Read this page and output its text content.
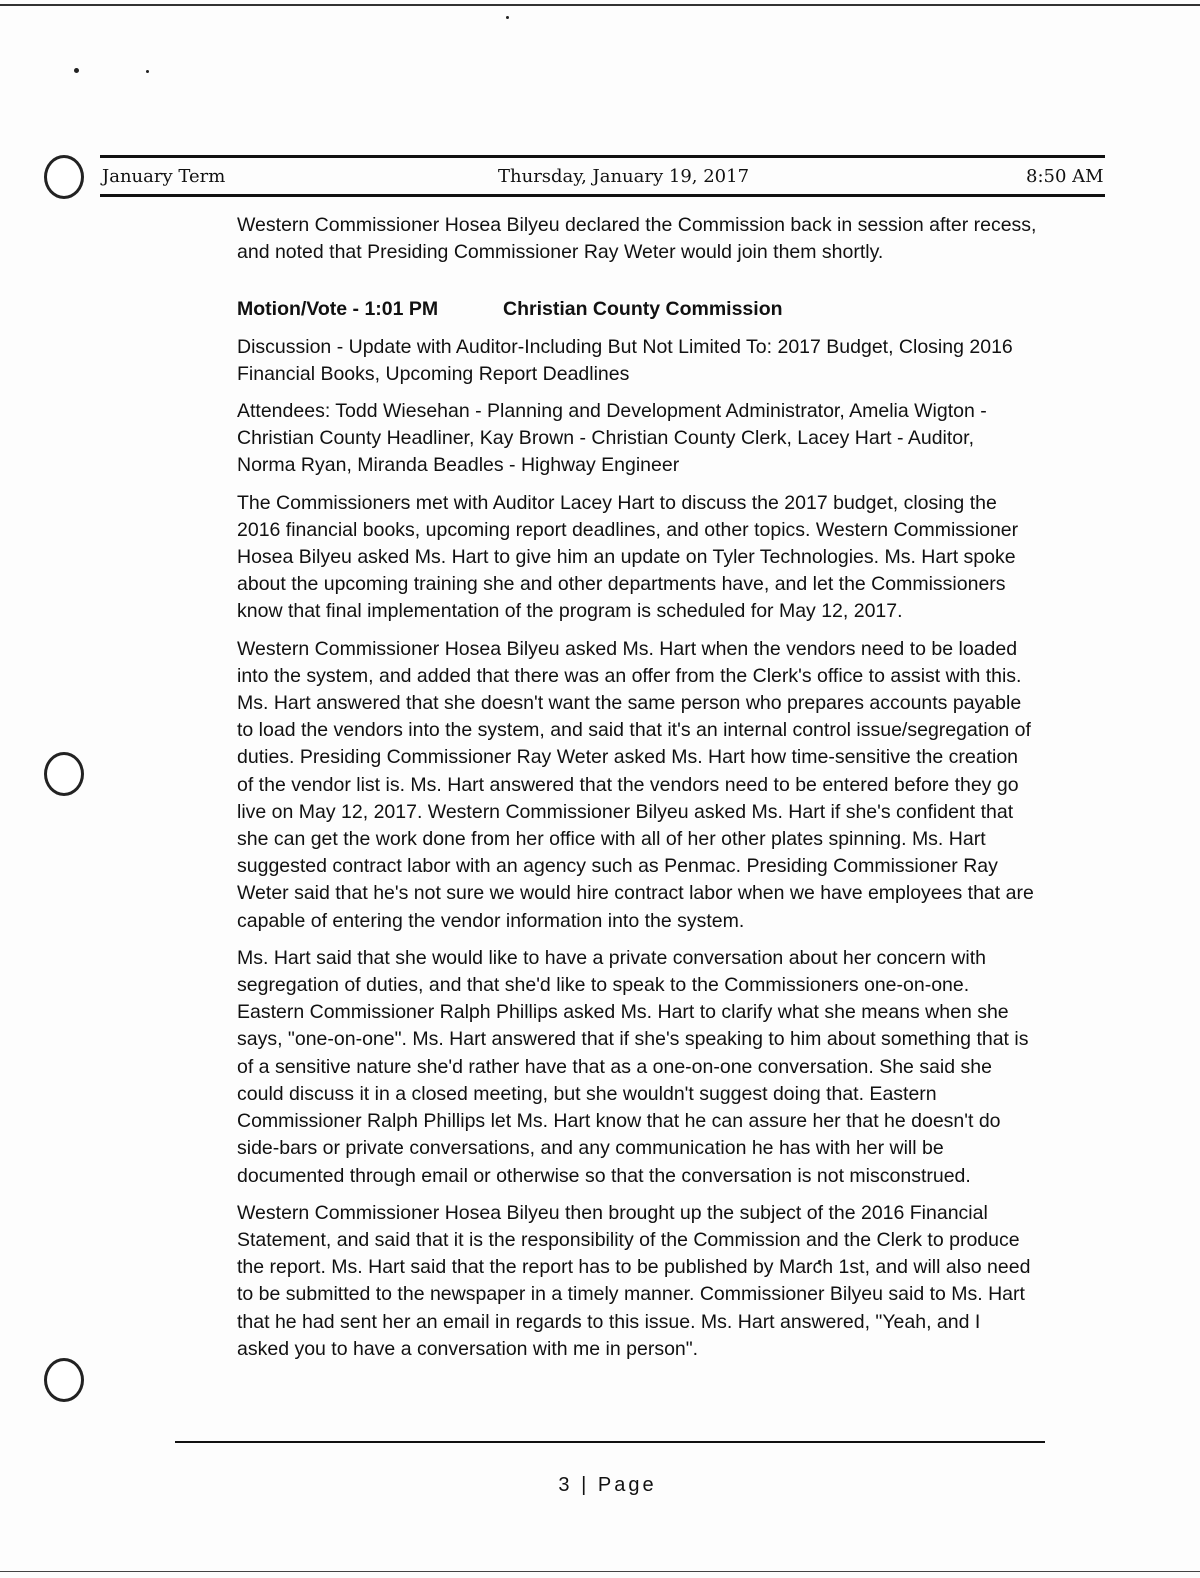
January Term	Thursday, January 19, 2017	8:50 AM

Western Commissioner Hosea Bilyeu declared the Commission back in session after recess, and noted that Presiding Commissioner Ray Weter would join them shortly.

Motion/Vote - 1:01 PM	Christian County Commission

Discussion - Update with Auditor-Including But Not Limited To: 2017 Budget, Closing 2016 Financial Books, Upcoming Report Deadlines

Attendees: Todd Wiesehan - Planning and Development Administrator, Amelia Wigton - Christian County Headliner, Kay Brown - Christian County Clerk, Lacey Hart - Auditor, Norma Ryan, Miranda Beadles - Highway Engineer

The Commissioners met with Auditor Lacey Hart to discuss the 2017 budget, closing the 2016 financial books, upcoming report deadlines, and other topics. Western Commissioner Hosea Bilyeu asked Ms. Hart to give him an update on Tyler Technologies. Ms. Hart spoke about the upcoming training she and other departments have, and let the Commissioners know that final implementation of the program is scheduled for May 12, 2017.

Western Commissioner Hosea Bilyeu asked Ms. Hart when the vendors need to be loaded into the system, and added that there was an offer from the Clerk's office to assist with this. Ms. Hart answered that she doesn't want the same person who prepares accounts payable to load the vendors into the system, and said that it's an internal control issue/segregation of duties. Presiding Commissioner Ray Weter asked Ms. Hart how time-sensitive the creation of the vendor list is. Ms. Hart answered that the vendors need to be entered before they go live on May 12, 2017. Western Commissioner Bilyeu asked Ms. Hart if she's confident that she can get the work done from her office with all of her other plates spinning. Ms. Hart suggested contract labor with an agency such as Penmac. Presiding Commissioner Ray Weter said that he's not sure we would hire contract labor when we have employees that are capable of entering the vendor information into the system.

Ms. Hart said that she would like to have a private conversation about her concern with segregation of duties, and that she'd like to speak to the Commissioners one-on-one. Eastern Commissioner Ralph Phillips asked Ms. Hart to clarify what she means when she says, "one-on-one". Ms. Hart answered that if she's speaking to him about something that is of a sensitive nature she'd rather have that as a one-on-one conversation. She said she could discuss it in a closed meeting, but she wouldn't suggest doing that. Eastern Commissioner Ralph Phillips let Ms. Hart know that he can assure her that he doesn't do side-bars or private conversations, and any communication he has with her will be documented through email or otherwise so that the conversation is not misconstrued.

Western Commissioner Hosea Bilyeu then brought up the subject of the 2016 Financial Statement, and said that it is the responsibility of the Commission and the Clerk to produce the report. Ms. Hart said that the report has to be published by March 1st, and will also need to be submitted to the newspaper in a timely manner. Commissioner Bilyeu said to Ms. Hart that he had sent her an email in regards to this issue. Ms. Hart answered, "Yeah, and I asked you to have a conversation with me in person".

3 | Page
